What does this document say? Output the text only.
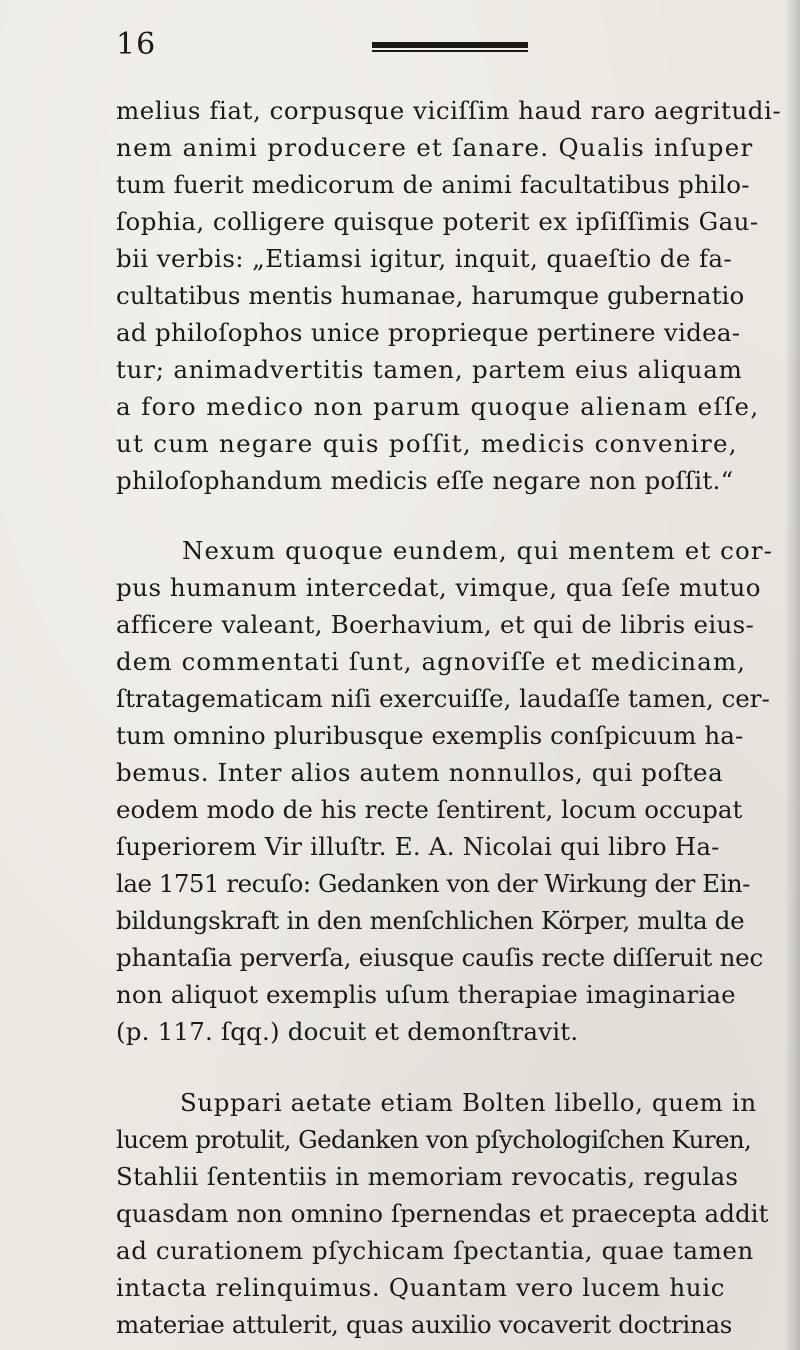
16
melius fiat, corpusque viciſſim haud raro aegritudi-
nem animi producere et ſanare. Qualis inſuper
tum fuerit medicorum de animi facultatibus philo-
ſophia, colligere quisque poterit ex ipſiſſimis Gau-
bii verbis: „Etiamsi igitur, inquit, quaeſtio de fa-
cultatibus mentis humanae, harumque gubernatio
ad philoſophos unice proprieque pertinere videa-
tur; animadvertitis tamen, partem eius aliquam
a foro medico non parum quoque alienam eſſe,
ut cum negare quis poſſit, medicis convenire,
philoſophandum medicis eſſe negare non poſſit.“
Nexum quoque eundem, qui mentem et cor-
pus humanum intercedat, vimque, qua ſeſe mutuo
afficere valeant, Boerhavium, et qui de libris eius-
dem commentati ſunt, agnoviſſe et medicinam,
ſtratagematicam niſi exercuiſſe, laudaſſe tamen, cer-
tum omnino pluribusque exemplis conſpicuum ha-
bemus. Inter alios autem nonnullos, qui poſtea
eodem modo de his recte ſentirent, locum occupat
ſuperiorem Vir illuſtr. E. A. Nicolai qui libro Ha-
lae 1751 recuſo: Gedanken von der Wirkung der Ein-
bildungskraft in den menſchlichen Körper, multa de
phantaſia perverſa, eiusque cauſis recte diſſeruit nec
non aliquot exemplis uſum therapiae imaginariae
(p. 117. ſqq.) docuit et demonſtravit.
Suppari aetate etiam Bolten libello, quem in
lucem protulit, Gedanken von pſychologiſchen Kuren,
Stahlii ſententiis in memoriam revocatis, regulas
quasdam non omnino ſpernendas et praecepta addit
ad curationem pſychicam ſpectantia, quae tamen
intacta relinquimus. Quantam vero lucem huic
materiae attulerit, quas auxilio vocaverit doctrinas
